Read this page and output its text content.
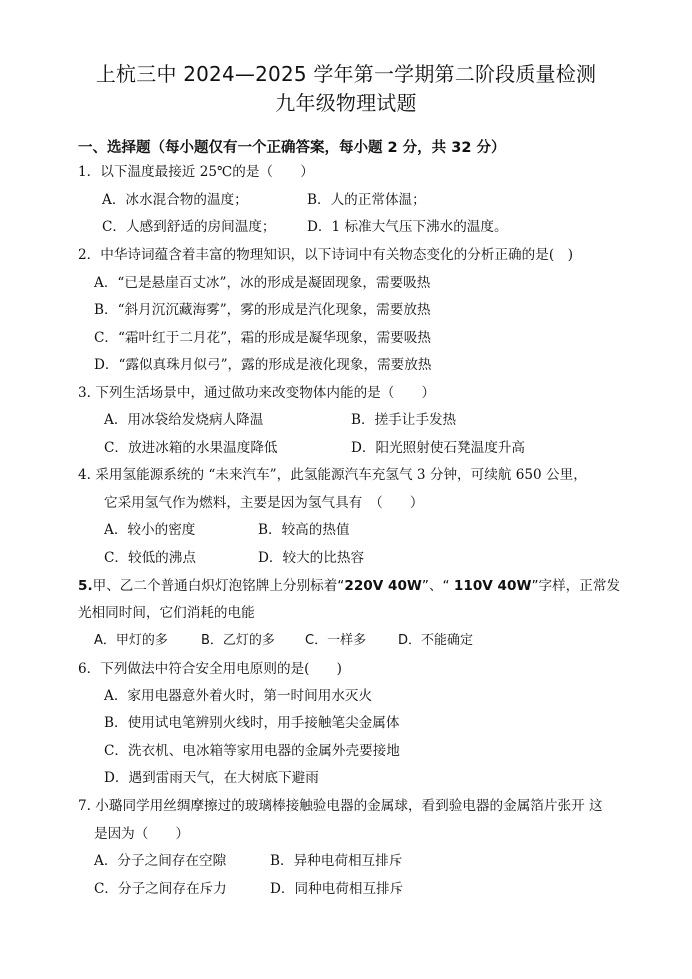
上杭三中 2024—2025 学年第一学期第二阶段质量检测
九年级物理试题
一、选择题（每小题仅有一个正确答案，每小题 2 分，共 32 分）
1．以下温度最接近 25℃的是（　　）
A．冰水混合物的温度；	B．人的正常体温；
C．人感到舒适的房间温度； D．1 标准大气压下沸水的温度。
2．中华诗词蕴含着丰富的物理知识，以下诗词中有关物态变化的分析正确的是(　)
A．“已是悬崖百丈冰”，冰的形成是凝固现象，需要吸热
B．“斜月沉沉藏海雾”，雾的形成是汽化现象，需要放热
C．“霜叶红于二月花”，霜的形成是凝华现象，需要吸热
D．“露似真珠月似弓”，露的形成是液化现象，需要放热
3. 下列生活场景中，通过做功来改变物体内能的是（　　）
A．用冰袋给发烧病人降温	B．搓手让手发热
C．放进冰箱的水果温度降低	D．阳光照射使石凳温度升高
4. 采用氢能源系统的 “未来汽车”，此氢能源汽车充氢气 3 分钟，可续航 650 公里，
它采用氢气作为燃料，主要是因为氢气具有　（　　）
A．较小的密度	B．较高的热值
C．较低的沸点	D．较大的比热容
5.甲、乙二个普通白炽灯泡铭牌上分别标着“220V 40W”、“ 110V 40W”字样，正常发
光相同时间，它们消耗的电能
A．甲灯的多	B．乙灯的多 C．一样多 D．不能确定
6．下列做法中符合安全用电原则的是(　　)
A．家用电器意外着火时，第一时间用水灭火
B．使用试电笔辨别火线时，用手接触笔尖金属体
C．洗衣机、电冰箱等家用电器的金属外壳要接地
D．遇到雷雨天气，在大树底下避雨
7. 小璐同学用丝绸摩擦过的玻璃棒接触验电器的金属球，看到验电器的金属箔片张开 这
是因为（　　）
A．分子之间存在空隙	B．异种电荷相互排斥
C．分子之间存在斥力	D．同种电荷相互排斥
